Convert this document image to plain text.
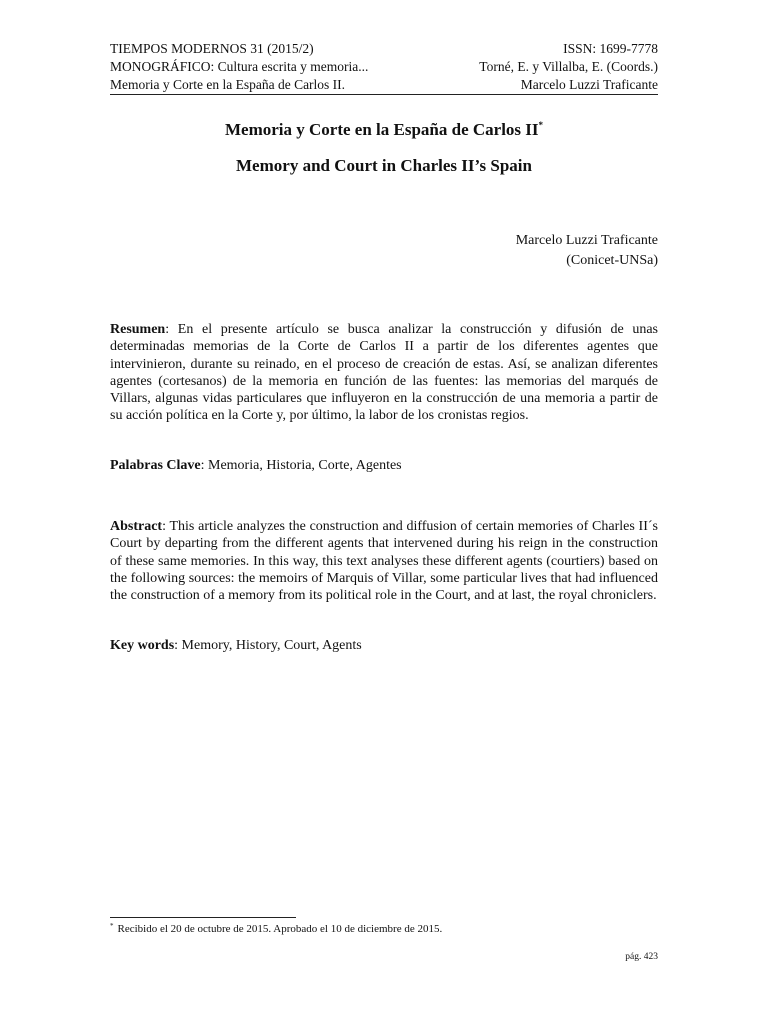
TIEMPOS MODERNOS 31 (2015/2)	ISSN: 1699-7778
MONOGRÁFICO: Cultura escrita y memoria...	Torné, E. y Villalba, E. (Coords.)
Memoria y Corte en la España de Carlos II.	Marcelo Luzzi Traficante
Memoria y Corte en la España de Carlos II*
Memory and Court in Charles II’s Spain
Marcelo Luzzi Traficante
(Conicet-UNSa)
Resumen: En el presente artículo se busca analizar la construcción y difusión de unas determinadas memorias de la Corte de Carlos II a partir de los diferentes agentes que intervinieron, durante su reinado, en el proceso de creación de estas. Así, se analizan diferentes agentes (cortesanos) de la memoria en función de las fuentes: las memorias del marqués de Villars, algunas vidas particulares que influyeron en la construcción de una memoria a partir de su acción política en la Corte y, por último, la labor de los cronistas regios.
Palabras Clave: Memoria, Historia, Corte, Agentes
Abstract: This article analyzes the construction and diffusion of certain memories of Charles II´s Court by departing from the different agents that intervened during his reign in the construction of these same memories. In this way, this text analyses these different agents (courtiers) based on the following sources: the memoirs of Marquis of Villar, some particular lives that had influenced the construction of a memory from its political role in the Court, and at last, the royal chroniclers.
Key words: Memory, History, Court, Agents
* Recibido el 20 de octubre de 2015. Aprobado el 10 de diciembre de 2015.
pág. 423
